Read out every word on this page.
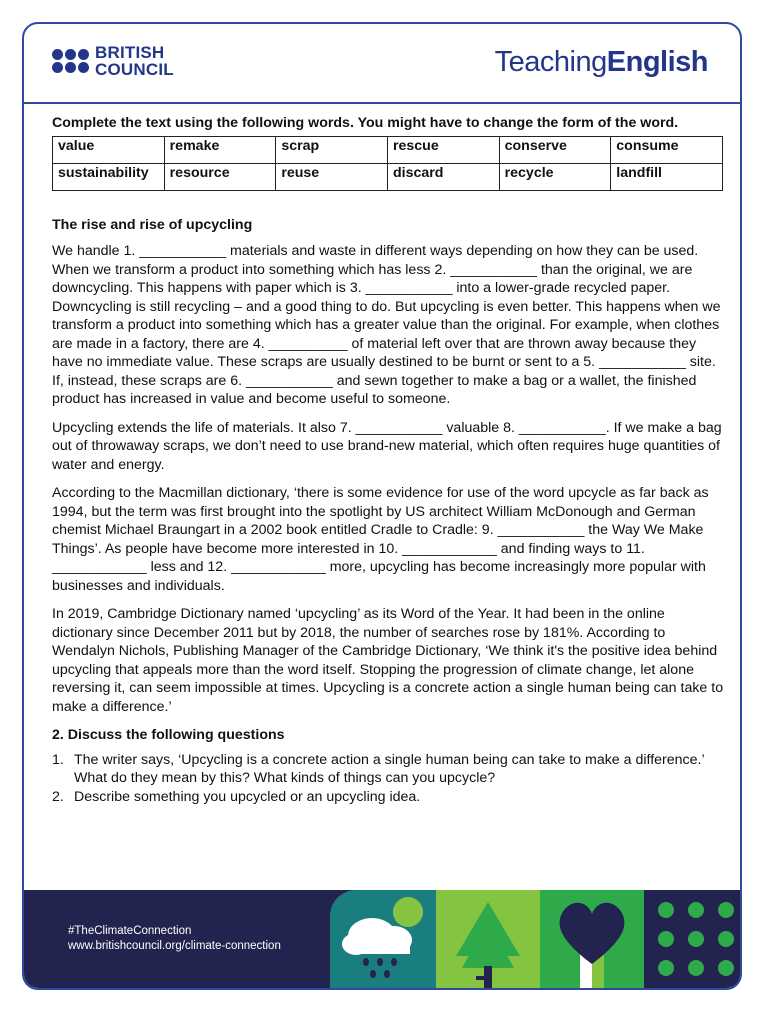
BRITISH
COUNCIL	TeachingEnglish

Complete the text using the following words. You might have to change the form of the word.

value	remake	scrap	rescue	conserve	consume
sustainability	resource	reuse	discard	recycle	landfill
The rise and rise of upcycling

We handle 1. ___________ materials and waste in different ways depending on how they can be used. When we transform a product into something which has less 2. ___________ than the original, we are downcycling. This happens with paper which is 3. ___________ into a lower-grade recycled paper. Downcycling is still recycling – and a good thing to do. But upcycling is even better. This happens when we transform a product into something which has a greater value than the original. For example, when clothes are made in a factory, there are 4. __________ of material left over that are thrown away because they have no immediate value. These scraps are usually destined to be burnt or sent to a 5. ___________ site. If, instead, these scraps are 6. ___________ and sewn together to make a bag or a wallet, the finished product has increased in value and become useful to someone.

Upcycling extends the life of materials. It also 7. ___________ valuable 8. ___________. If we make a bag out of throwaway scraps, we don’t need to use brand-new material, which often requires huge quantities of water and energy.

According to the Macmillan dictionary, ‘there is some evidence for use of the word upcycle as far back as 1994, but the term was first brought into the spotlight by US architect William McDonough and German chemist Michael Braungart in a 2002 book entitled Cradle to Cradle: 9. ___________ the Way We Make Things’. As people have become more interested in 10. ____________ and finding ways to 11. ____________ less and 12. ____________ more, upcycling has become increasingly more popular with businesses and individuals.

In 2019, Cambridge Dictionary named ‘upcycling’ as its Word of the Year. It had been in the online dictionary since December 2011 but by 2018, the number of searches rose by 181%. According to Wendalyn Nichols, Publishing Manager of the Cambridge Dictionary, ‘We think it's the positive idea behind upcycling that appeals more than the word itself. Stopping the progression of climate change, let alone reversing it, can seem impossible at times. Upcycling is a concrete action a single human being can take to make a difference.’

2. Discuss the following questions
1. The writer says, ‘Upcycling is a concrete action a single human being can take to make a difference.’ What do they mean by this? What kinds of things can you upcycle?
2. Describe something you upcycled or an upcycling idea.
#TheClimateConnection
www.britishcouncil.org/climate-connection
